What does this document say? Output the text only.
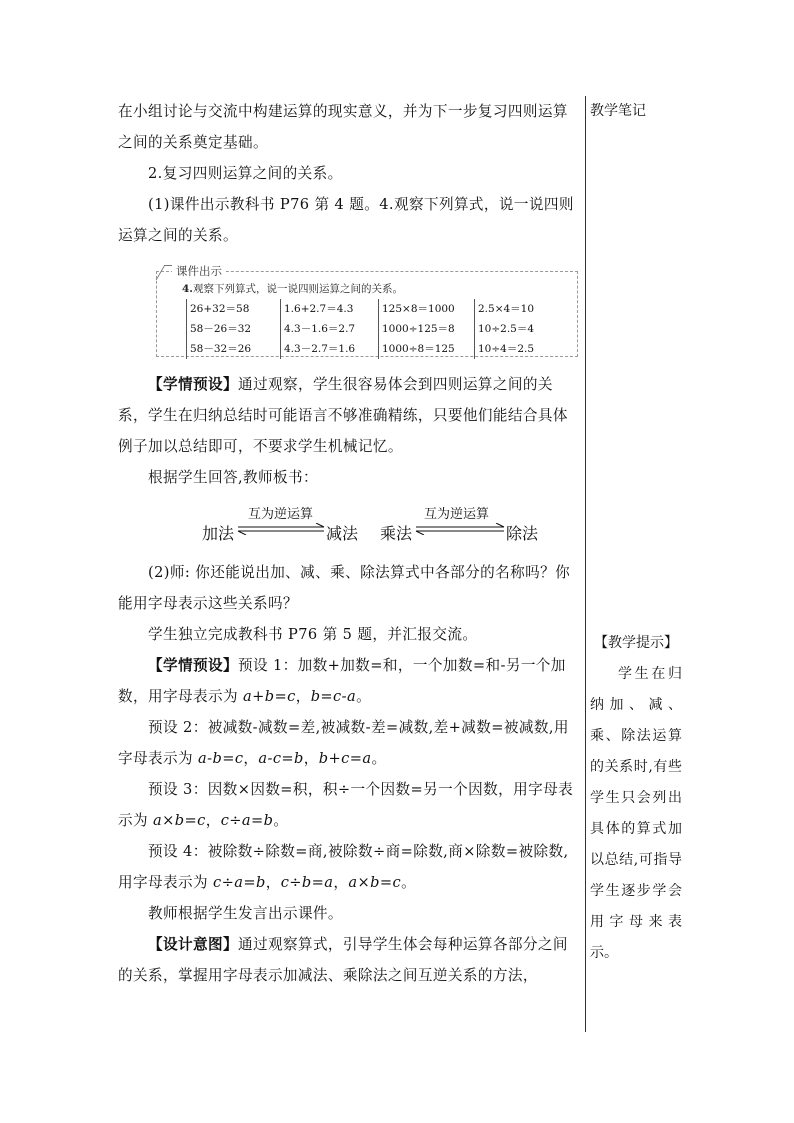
在小组讨论与交流中构建运算的现实意义，并为下一步复习四则运算之间的关系奠定基础。

2.复习四则运算之间的关系。

(1)课件出示教科书 P76 第 4 题。4.观察下列算式，说一说四则运算之间的关系。

课件出示
4.观察下列算式，说一说四则运算之间的关系。
26+32＝58
58－26＝32
58－32＝26
1.6+2.7＝4.3
4.3－1.6＝2.7
4.3－2.7＝1.6
125×8＝1000
1000÷125＝8
1000÷8＝125
2.5×4＝10
10÷2.5＝4
10÷4＝2.5

【学情预设】通过观察，学生很容易体会到四则运算之间的关系，学生在归纳总结时可能语言不够准确精练，只要他们能结合具体例子加以总结即可，不要求学生机械记忆。

根据学生回答,教师板书：

加法
互为逆运算
减法 乘法
互为逆运算
除法

(2)师: 你还能说出加、减、乘、除法算式中各部分的名称吗？你能用字母表示这些关系吗？

学生独立完成教科书 P76 第 5 题，并汇报交流。

【学情预设】预设 1：加数+加数=和，一个加数=和-另一个加数，用字母表示为 a+b=c，b=c-a。

预设 2：被减数-减数=差,被减数-差=减数,差+减数=被减数,用字母表示为 a-b=c，a-c=b，b+c=a。

预设 3：因数×因数=积，积÷一个因数=另一个因数，用字母表示为 a×b=c，c÷a=b。

预设 4：被除数÷除数=商,被除数÷商=除数,商×除数=被除数,用字母表示为 c÷a=b，c÷b=a，a×b=c。

教师根据学生发言出示课件。

【设计意图】通过观察算式，引导学生体会每种运算各部分之间的关系，掌握用字母表示加减法、乘除法之间互逆关系的方法，

教学笔记
【教学提示】
学生在归纳加、减、乘、除法运算的关系时,有些学生只会列出具体的算式加以总结,可指导学生逐步学会用字母来表示。
